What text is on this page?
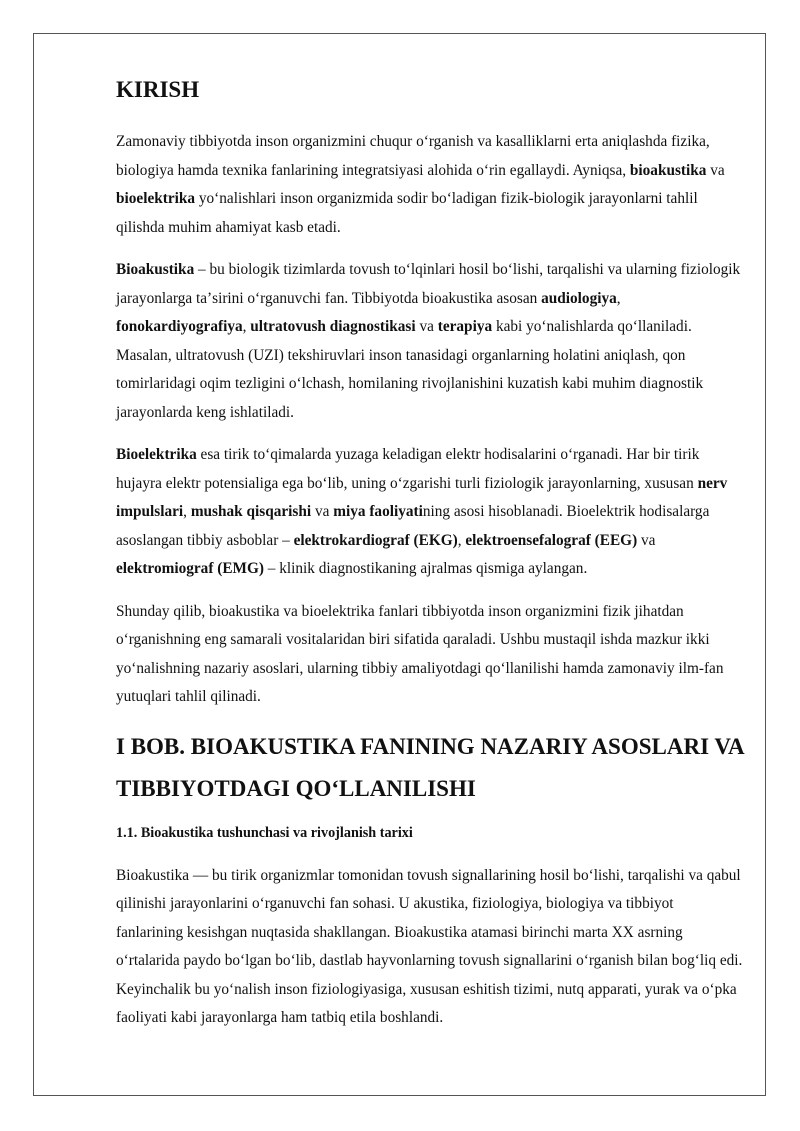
KIRISH

Zamonaviy tibbiyotda inson organizmini chuqur oʻrganish va kasalliklarni erta aniqlashda fizika, biologiya hamda texnika fanlarining integratsiyasi alohida oʻrin egallaydi. Ayniqsa, bioakustika va bioelektrika yoʻnalishlari inson organizmida sodir boʻladigan fizik-biologik jarayonlarni tahlil qilishda muhim ahamiyat kasb etadi.

Bioakustika – bu biologik tizimlarda tovush toʻlqinlari hosil boʻlishi, tarqalishi va ularning fiziologik jarayonlarga taʼsirini oʻrganuvchi fan. Tibbiyotda bioakustika asosan audiologiya, fonokardiyografiya, ultratovush diagnostikasi va terapiya kabi yoʻnalishlarda qoʻllaniladi. Masalan, ultratovush (UZI) tekshiruvlari inson tanasidagi organlarning holatini aniqlash, qon tomirlaridagi oqim tezligini oʻlchash, homilaning rivojlanishini kuzatish kabi muhim diagnostik jarayonlarda keng ishlatiladi.

Bioelektrika esa tirik toʻqimalarda yuzaga keladigan elektr hodisalarini oʻrganadi. Har bir tirik hujayra elektr potensialiga ega boʻlib, uning oʻzgarishi turli fiziologik jarayonlarning, xususan nerv impulslari, mushak qisqarishi va miya faoliyatining asosi hisoblanadi. Bioelektrik hodisalarga asoslangan tibbiy asboblar – elektrokardiograf (EKG), elektroensefalograf (EEG) va elektromiograf (EMG) – klinik diagnostikaning ajralmas qismiga aylangan.

Shunday qilib, bioakustika va bioelektrika fanlari tibbiyotda inson organizmini fizik jihatdan oʻrganishning eng samarali vositalaridan biri sifatida qaraladi. Ushbu mustaqil ishda mazkur ikki yoʻnalishning nazariy asoslari, ularning tibbiy amaliyotdagi qoʻllanilishi hamda zamonaviy ilm-fan yutuqlari tahlil qilinadi.

I BOB. BIOAKUSTIKA FANINING NAZARIY ASOSLARI VA TIBBIYOTDAGI QOʻLLANILISHI
1.1. Bioakustika tushunchasi va rivojlanish tarixi

Bioakustika — bu tirik organizmlar tomonidan tovush signallarining hosil boʻlishi, tarqalishi va qabul qilinishi jarayonlarini oʻrganuvchi fan sohasi. U akustika, fiziologiya, biologiya va tibbiyot fanlarining kesishgan nuqtasida shakllangan. Bioakustika atamasi birinchi marta XX asrning oʻrtalarida paydo boʻlgan boʻlib, dastlab hayvonlarning tovush signallarini oʻrganish bilan bogʻliq edi. Keyinchalik bu yoʻnalish inson fiziologiyasiga, xususan eshitish tizimi, nutq apparati, yurak va oʻpka faoliyati kabi jarayonlarga ham tatbiq etila boshlandi.
